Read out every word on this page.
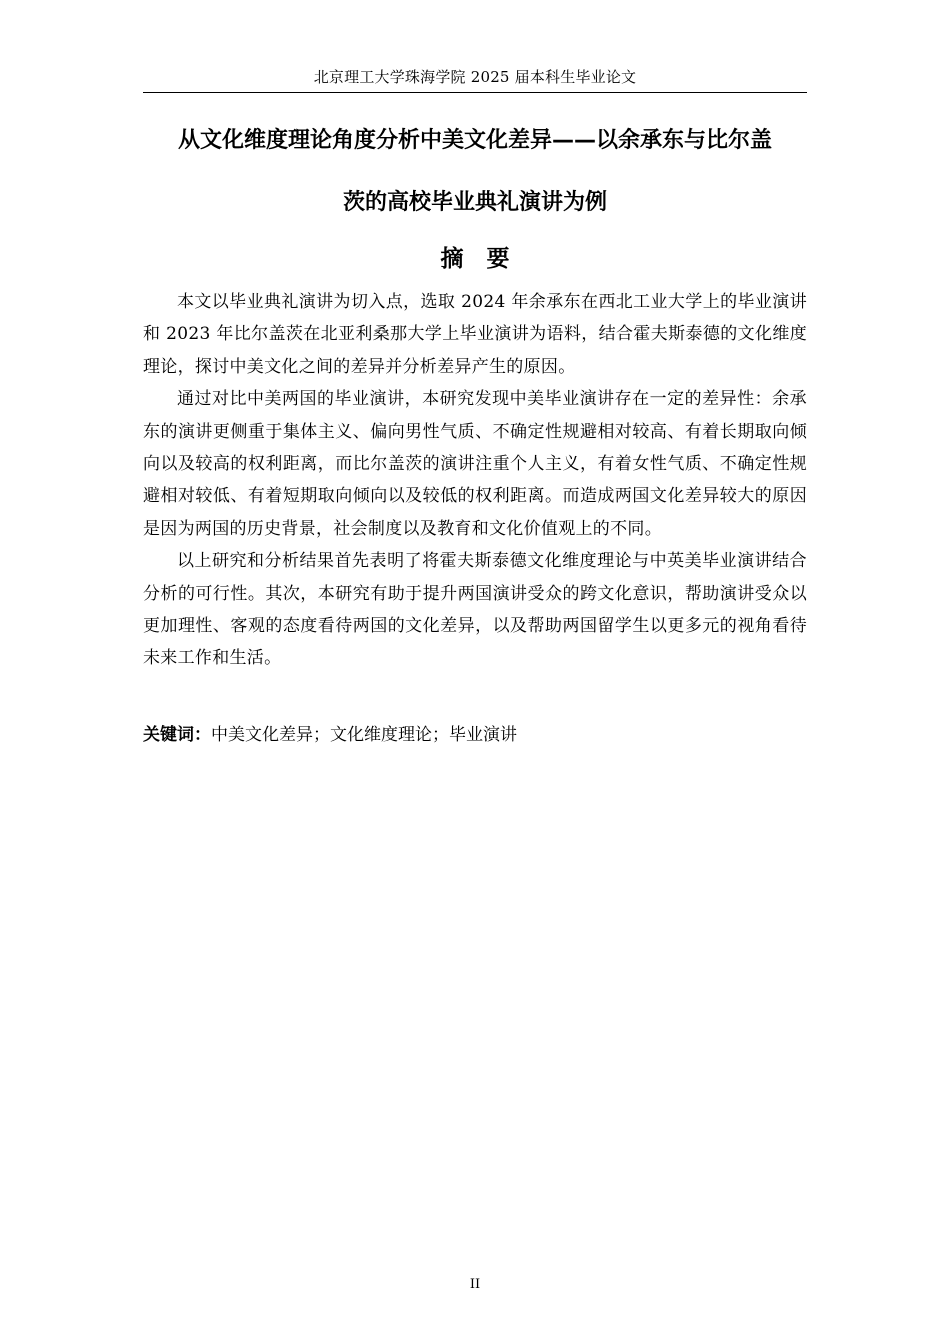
北京理工大学珠海学院 2025 届本科生毕业论文
从文化维度理论角度分析中美文化差异——以余承东与比尔盖
茨的高校毕业典礼演讲为例
摘　要

本文以毕业典礼演讲为切入点，选取 2024 年余承东在西北工业大学上的毕业演讲和 2023 年比尔盖茨在北亚利桑那大学上毕业演讲为语料，结合霍夫斯泰德的文化维度理论，探讨中美文化之间的差异并分析差异产生的原因。

通过对比中美两国的毕业演讲，本研究发现中美毕业演讲存在一定的差异性：余承东的演讲更侧重于集体主义、偏向男性气质、不确定性规避相对较高、有着长期取向倾向以及较高的权利距离，而比尔盖茨的演讲注重个人主义，有着女性气质、不确定性规避相对较低、有着短期取向倾向以及较低的权利距离。而造成两国文化差异较大的原因是因为两国的历史背景，社会制度以及教育和文化价值观上的不同。

以上研究和分析结果首先表明了将霍夫斯泰德文化维度理论与中英美毕业演讲结合分析的可行性。其次，本研究有助于提升两国演讲受众的跨文化意识，帮助演讲受众以更加理性、客观的态度看待两国的文化差异，以及帮助两国留学生以更多元的视角看待未来工作和生活。

关键词：中美文化差异；文化维度理论；毕业演讲
II
